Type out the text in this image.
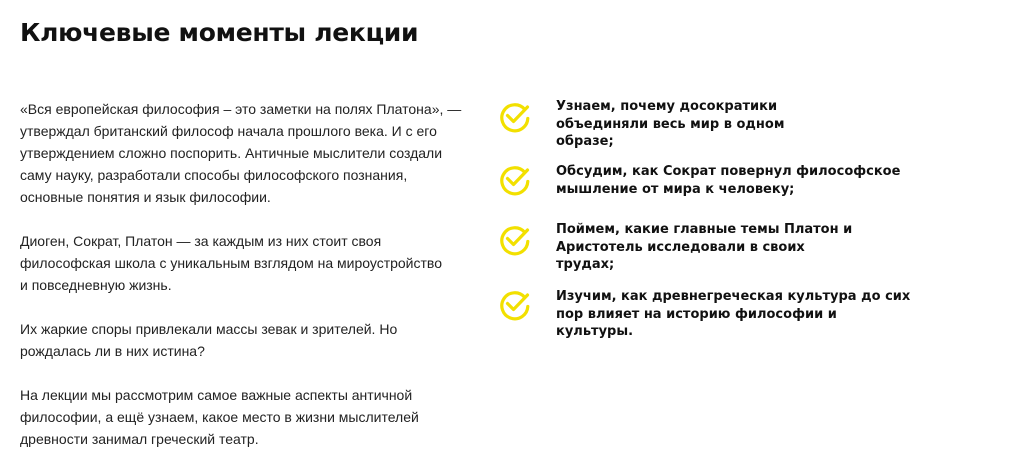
Ключевые моменты лекции

«Вся европейская философия – это заметки на полях Платона», —
утверждал британский философ начала прошлого века. И с его
утверждением сложно поспорить. Античные мыслители создали
саму науку, разработали способы философского познания,
основные понятия и язык философии.

Диоген, Сократ, Платон — за каждым из них стоит своя
философская школа с уникальным взглядом на мироустройство
и повседневную жизнь.

Их жаркие споры привлекали массы зевак и зрителей. Но
рождалась ли в них истина?

На лекции мы рассмотрим самое важные аспекты античной
философии, а ещё узнаем, какое место в жизни мыслителей
древности занимал греческий театр.

Узнаем, почему досократики
объединяли весь мир в одном
образе;

Обсудим, как Сократ повернул философское
мышление от мира к человеку;

Поймем, какие главные темы Платон и
Аристотель исследовали в своих
трудах;

Изучим, как древнегреческая культура до сих
пор влияет на историю философии и культуры.
